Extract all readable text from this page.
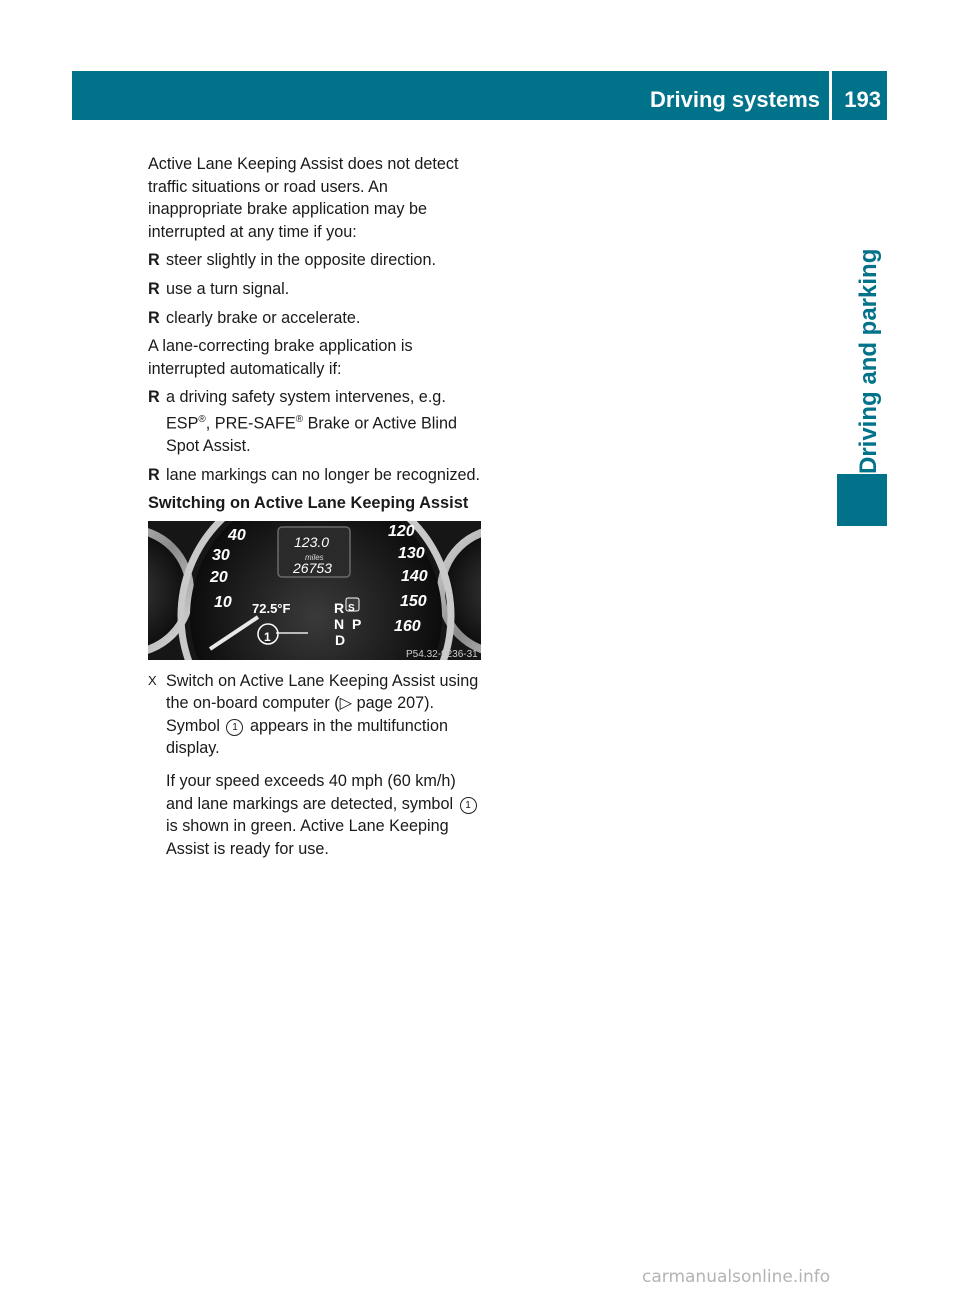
Driving systems 193
Driving and parking

Active Lane Keeping Assist does not detect traffic situations or road users. An inappropriate brake application may be interrupted at any time if you:

R steer slightly in the opposite direction.
R use a turn signal.
R clearly brake or accelerate.

A lane-correcting brake application is interrupted automatically if:

R a driving safety system intervenes, e.g. ESP®, PRE-SAFE® Brake or Active Blind Spot Assist.
R lane markings can no longer be recognized.
Switching on Active Lane Keeping Assist
40
30
20
10
120
130
140
150
160
123.0
miles
26753
72.5°F	R
N P
D
S
1
P54.32-9236-31
X Switch on Active Lane Keeping Assist using the on-board computer (▷ page 207). Symbol 1 appears in the multifunction display.

If your speed exceeds 40 mph (60 km/h) and lane markings are detected, symbol 1 is shown in green. Active Lane Keeping Assist is ready for use.

carmanualsonline.info
